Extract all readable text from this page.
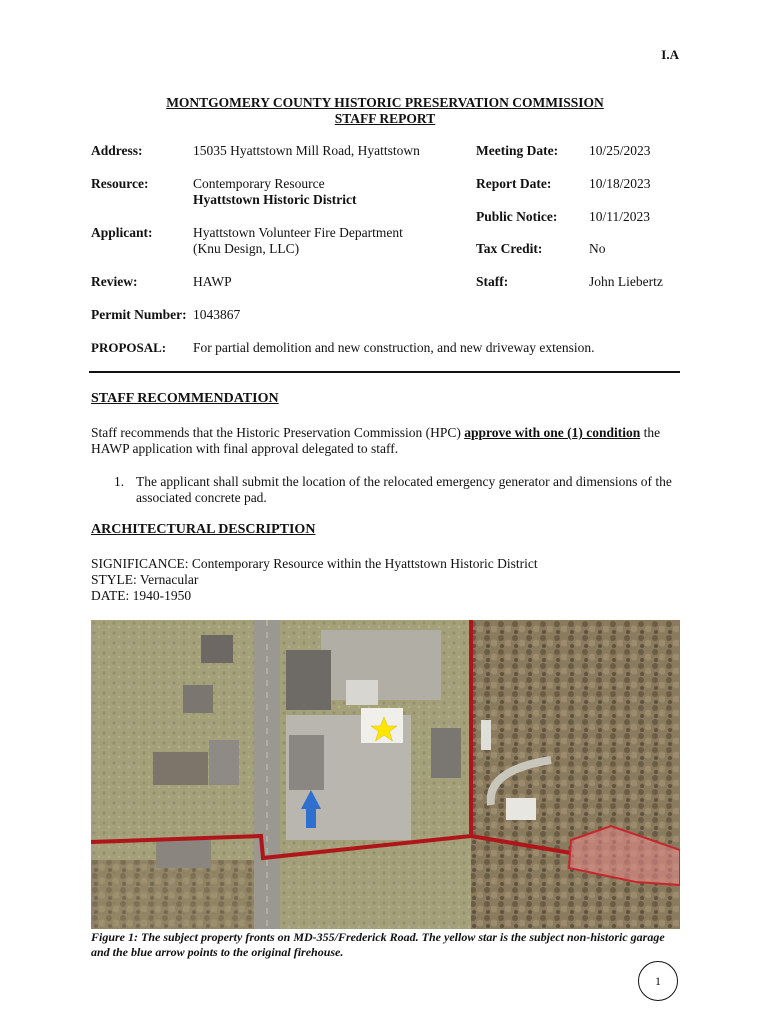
I.A
MONTGOMERY COUNTY HISTORIC PRESERVATION COMMISSION
STAFF REPORT
Address:	15035 Hyattstown Mill Road, Hyattstown
Resource:	Contemporary Resource
Hyattstown Historic District
Applicant:	Hyattstown Volunteer Fire Department
(Knu Design, LLC)
Review:	HAWP
Permit Number: 1043867
PROPOSAL: For partial demolition and new construction, and new driveway extension.
Meeting Date: 10/25/2023
Report Date:	10/18/2023
Public Notice: 10/11/2023
Tax Credit:	No
Staff:	John Liebertz
STAFF RECOMMENDATION
Staff recommends that the Historic Preservation Commission (HPC) approve with one (1) condition the HAWP application with final approval delegated to staff.
1. The applicant shall submit the location of the relocated emergency generator and dimensions of the associated concrete pad.
ARCHITECTURAL DESCRIPTION
SIGNIFICANCE: Contemporary Resource within the Hyattstown Historic District
STYLE: Vernacular
DATE: 1940-1950
Figure 1: The subject property fronts on MD-355/Frederick Road. The yellow star is the subject non-historic garage and the blue arrow points to the original firehouse.
1
